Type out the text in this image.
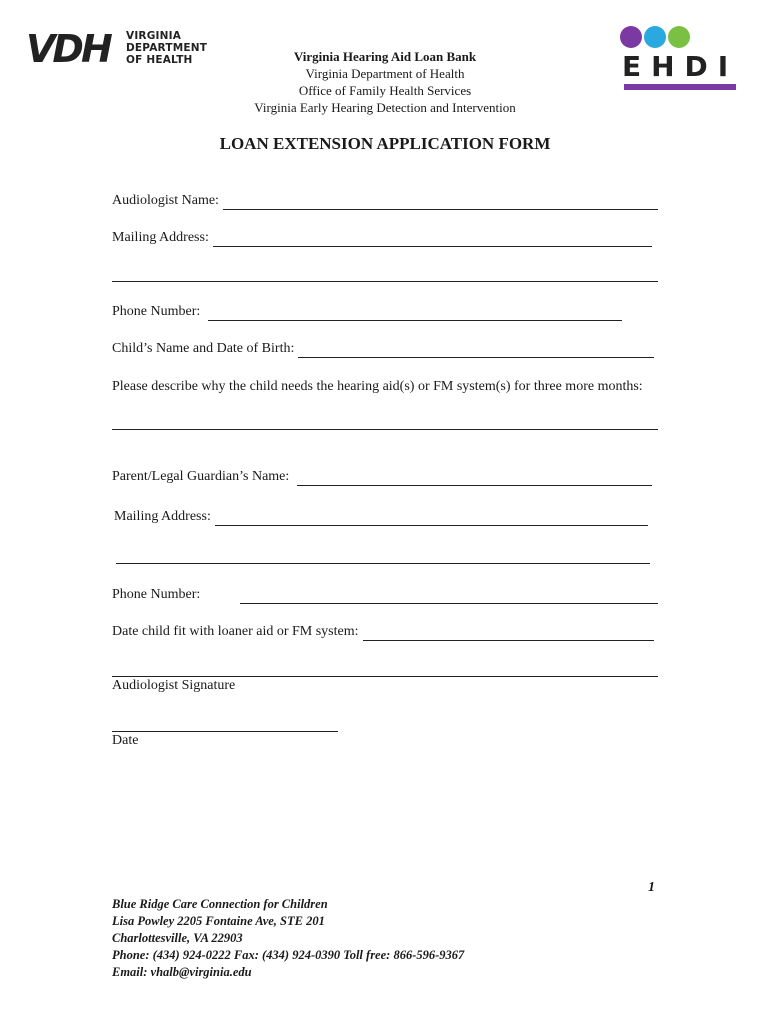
VDH VIRGINIA
DEPARTMENT
OF HEALTH	Virginia Hearing Aid Loan Bank
Virginia Department of Health
Office of Family Health Services
Virginia Early Hearing Detection and Intervention
EHDI
LOAN EXTENSION APPLICATION FORM
Audiologist Name:
Mailing Address:
Phone Number:
Child’s Name and Date of Birth:
Please describe why the child needs the hearing aid(s) or FM system(s) for three more months:
Parent/Legal Guardian’s Name:
Mailing Address:
Phone Number:
Date child fit with loaner aid or FM system:
Audiologist Signature
Date
1
Blue Ridge Care Connection for Children
Lisa Powley 2205 Fontaine Ave, STE 201
Charlottesville, VA 22903
Phone: (434) 924-0222 Fax: (434) 924-0390 Toll free: 866-596-9367
Email: vhalb@virginia.edu
